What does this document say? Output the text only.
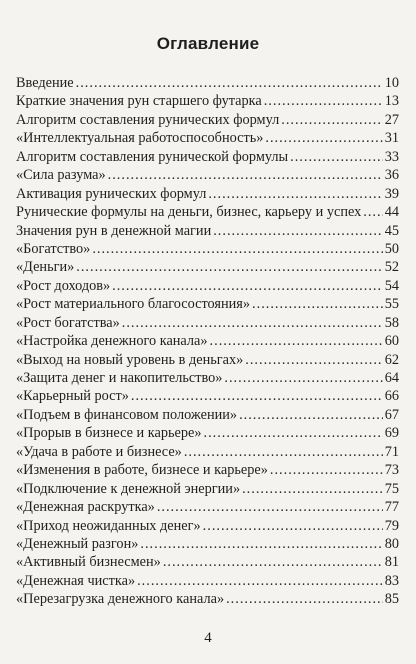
Оглавление
Введение .....	10
Краткие значения рун старшего футарка .....	13
Алгоритм составления рунических формул .....	27
«Интеллектуальная работоспособность» .....	31
Алгоритм составления рунической формулы .....	33
«Сила разума» .....	36
Активация рунических формул .....	39
Рунические формулы на деньги, бизнес, карьеру и успех ..... 44
Значения рун в денежной магии .....	45
«Богатство» .....	50
«Деньги» .....	52
«Рост доходов» .....	54
«Рост материального благосостояния» .....	55
«Рост богатства» .....	58
«Настройка денежного канала» .....	60
«Выход на новый уровень в деньгах» .....	62
«Защита денег и накопительство» .....	64
«Карьерный рост» .....	66
«Подъем в финансовом положении» .....	67
«Прорыв в бизнесе и карьере» .....	69
«Удача в работе и бизнесе» .....	71
«Изменения в работе, бизнесе и карьере» .....	73
«Подключение к денежной энергии» .....	75
«Денежная раскрутка» .....	77
«Приход неожиданных денег» .....	79
«Денежный разгон» .....	80
«Активный бизнесмен» .....	81
«Денежная чистка» .....	83
«Перезагрузка денежного канала» .....	85
4
